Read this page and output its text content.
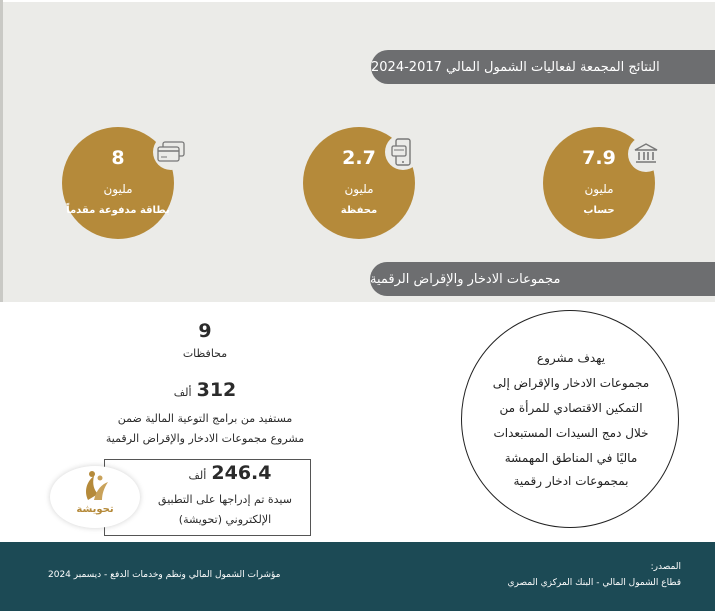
النتائج المجمعة لفعاليات الشمول المالي 2017-2024
7.9
مليون
حساب
2.7
مليون
محفظة
8
مليون
بطاقة مدفوعة مقدماً
مجموعات الادخار والإقراض الرقمية
9
محافظات
312 ألف
مستفيد من برامج التوعية المالية ضمن
مشروع مجموعات الادخار والإقراض الرقمية
246.4 ألف
سيدة تم إدراجها على التطبيق
الإلكتروني (تحويشة)
تحويشة
يهدف مشروع
مجموعات الادخار والإقراض إلى
التمكين الاقتصادي للمرأة من
خلال دمج السيدات المستبعدات
ماليًا في المناطق المهمشة
بمجموعات ادخار رقمية
المصدر:
قطاع الشمول المالي - البنك المركزي المصري
مؤشرات الشمول المالي ونظم وخدمات الدفع - ديسمبر 2024
